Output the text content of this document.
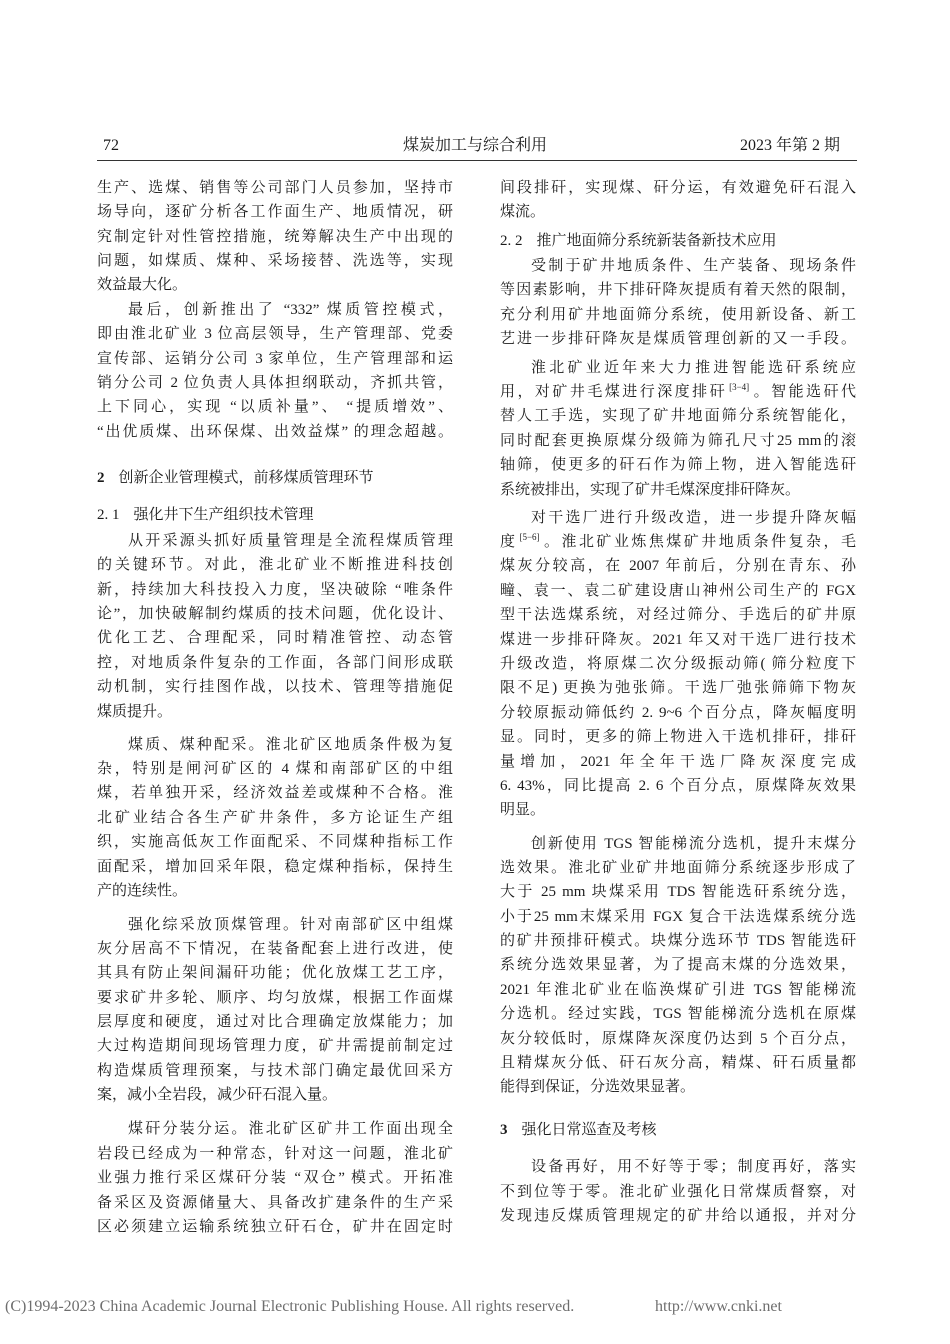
72	煤炭加工与综合利用	2023 年第 2 期
生产、选煤、销售等公司部门人员参加，坚持市
场导向，逐矿分析各工作面生产、地质情况，研
究制定针对性管控措施，统筹解决生产中出现的
问题，如煤质、煤种、采场接替、洗选等，实现
效益最大化。
最后，创新推出了 “332” 煤质管控模式，
即由淮北矿业 3 位高层领导，生产管理部、党委
宣传部、运销分公司 3 家单位，生产管理部和运
销分公司 2 位负责人具体担纲联动，齐抓共管，
上下同心，实现 “以质补量”、 “提质增效”、
“出优质煤、出环保煤、出效益煤” 的理念超越。
2 创新企业管理模式，前移煤质管理环节
2. 1 强化井下生产组织技术管理
从开采源头抓好质量管理是全流程煤质管理
的关键环节。对此，淮北矿业不断推进科技创
新，持续加大科技投入力度，坚决破除 “唯条件
论”，加快破解制约煤质的技术问题，优化设计、
优化工艺、合理配采，同时精准管控、动态管
控，对地质条件复杂的工作面，各部门间形成联
动机制，实行挂图作战，以技术、管理等措施促
煤质提升。
煤质、煤种配采。淮北矿区地质条件极为复
杂，特别是闸河矿区的 4 煤和南部矿区的中组
煤，若单独开采，经济效益差或煤种不合格。淮
北矿业结合各生产矿井条件，多方论证生产组
织，实施高低灰工作面配采、不同煤种指标工作
面配采，增加回采年限，稳定煤种指标，保持生
产的连续性。
强化综采放顶煤管理。针对南部矿区中组煤
灰分居高不下情况，在装备配套上进行改进，使
其具有防止架间漏矸功能；优化放煤工艺工序，
要求矿井多轮、顺序、均匀放煤，根据工作面煤
层厚度和硬度，通过对比合理确定放煤能力；加
大过构造期间现场管理力度，矿井需提前制定过
构造煤质管理预案，与技术部门确定最优回采方
案，减小全岩段，减少矸石混入量。
煤矸分装分运。淮北矿区矿井工作面出现全
岩段已经成为一种常态，针对这一问题，淮北矿
业强力推行采区煤矸分装 “双仓” 模式。开拓准
备采区及资源储量大、具备改扩建条件的生产采
区必须建立运输系统独立矸石仓，矿井在固定时
间段排矸，实现煤、矸分运，有效避免矸石混入
煤流。
2. 2 推广地面筛分系统新装备新技术应用
受制于矿井地质条件、生产装备、现场条件
等因素影响，井下排矸降灰提质有着天然的限制，
充分利用矿井地面筛分系统，使用新设备、新工
艺进一步排矸降灰是煤质管理创新的又一手段。
淮北矿业近年来大力推进智能选矸系统应
用，对矿井毛煤进行深度排矸 [3−4] 。智能选矸代
替人工手选，实现了矿井地面筛分系统智能化，
同时配套更换原煤分级筛为筛孔尺寸25 mm的滚
轴筛，使更多的矸石作为筛上物，进入智能选矸
系统被排出，实现了矿井毛煤深度排矸降灰。
对干选厂进行升级改造，进一步提升降灰幅
度 [5−6] 。淮北矿业炼焦煤矿井地质条件复杂，毛
煤灰分较高，在 2007 年前后，分别在青东、孙
疃、袁一、袁二矿建设唐山神州公司生产的 FGX
型干法选煤系统，对经过筛分、手选后的矿井原
煤进一步排矸降灰。2021 年又对干选厂进行技术
升级改造，将原煤二次分级振动筛( 筛分粒度下
限不足) 更换为弛张筛。干选厂弛张筛筛下物灰
分较原振动筛低约 2. 9~6 个百分点，降灰幅度明
显。同时，更多的筛上物进入干选机排矸，排矸
量增加，2021 年全年干选厂降灰深度完成
6. 43%，同比提高 2. 6 个百分点，原煤降灰效果
明显。
创新使用 TGS 智能梯流分选机，提升末煤分
选效果。淮北矿业矿井地面筛分系统逐步形成了
大于 25 mm 块煤采用 TDS 智能选矸系统分选，
小于25 mm末煤采用 FGX 复合干法选煤系统分选
的矿井预排矸模式。块煤分选环节 TDS 智能选矸
系统分选效果显著，为了提高末煤的分选效果，
2021 年淮北矿业在临涣煤矿引进 TGS 智能梯流
分选机。经过实践，TGS 智能梯流分选机在原煤
灰分较低时，原煤降灰深度仍达到 5 个百分点，
且精煤灰分低、矸石灰分高，精煤、矸石质量都
能得到保证，分选效果显著。
3 强化日常巡查及考核
设备再好，用不好等于零；制度再好，落实
不到位等于零。淮北矿业强化日常煤质督察，对
发现违反煤质管理规定的矿井给以通报，并对分
(C)1994-2023 China Academic Journal Electronic Publishing House. All rights reserved.	http://www.cnki.net
